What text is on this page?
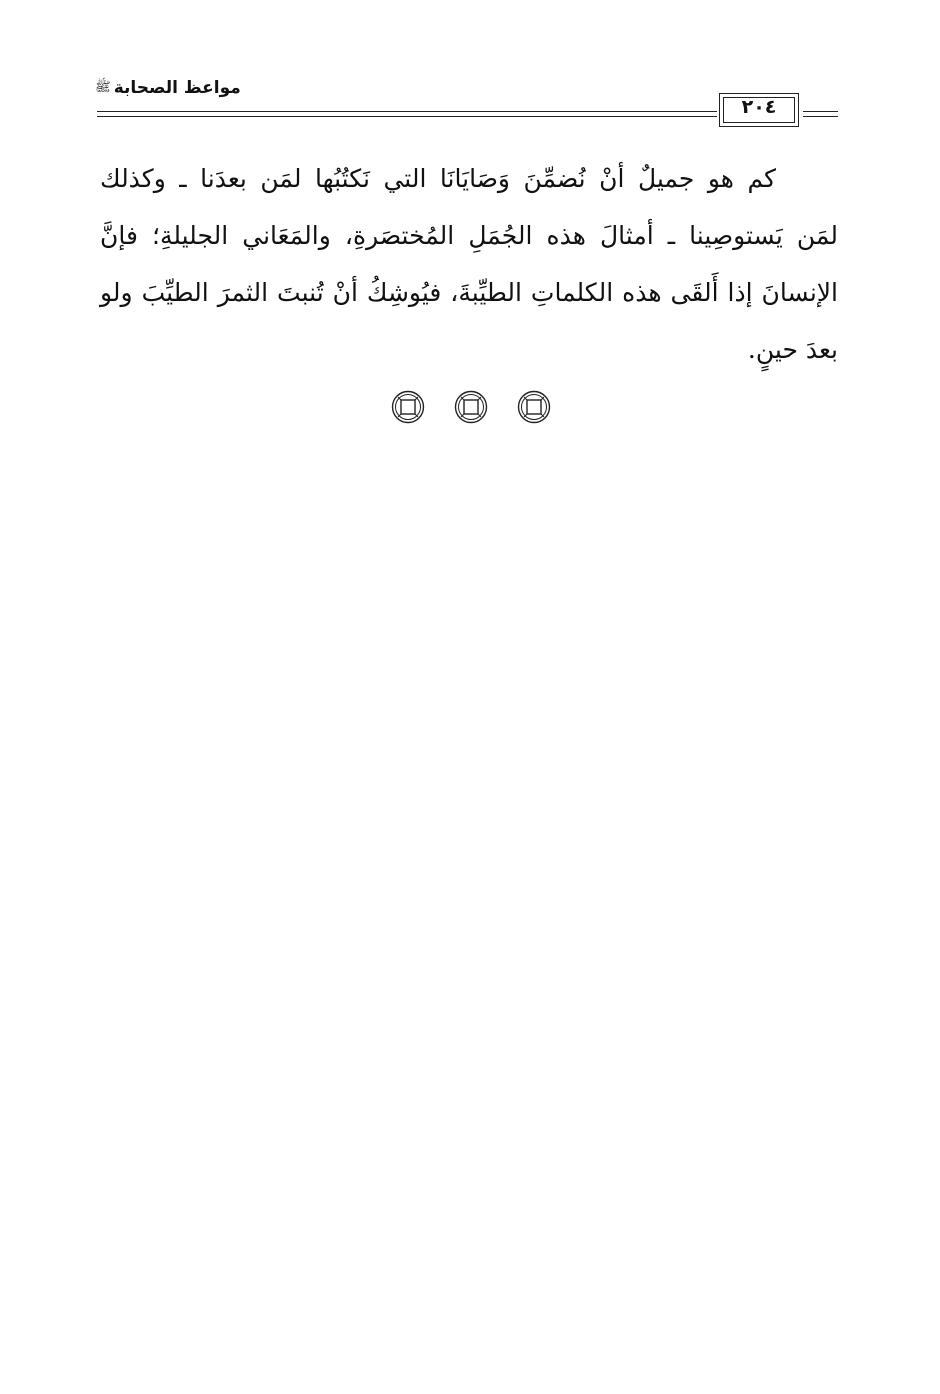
مواعظ الصحابةﷺ
٢٠٤
كم هو جميلٌ أنْ نُضمِّنَ وَصَايَانَا التي نَكتُبُها لمَن بعدَنا ـ وكذلك
لمَن يَستوصِينا ـ أمثالَ هذه الجُمَلِ المُختصَرةِ، والمَعَاني الجليلةِ؛ فإنَّ
الإنسانَ إذا أَلقَى هذه الكلماتِ الطيِّبةَ، فيُوشِكُ أنْ تُنبتَ الثمرَ الطيِّبَ ولو
بعدَ حينٍ.
